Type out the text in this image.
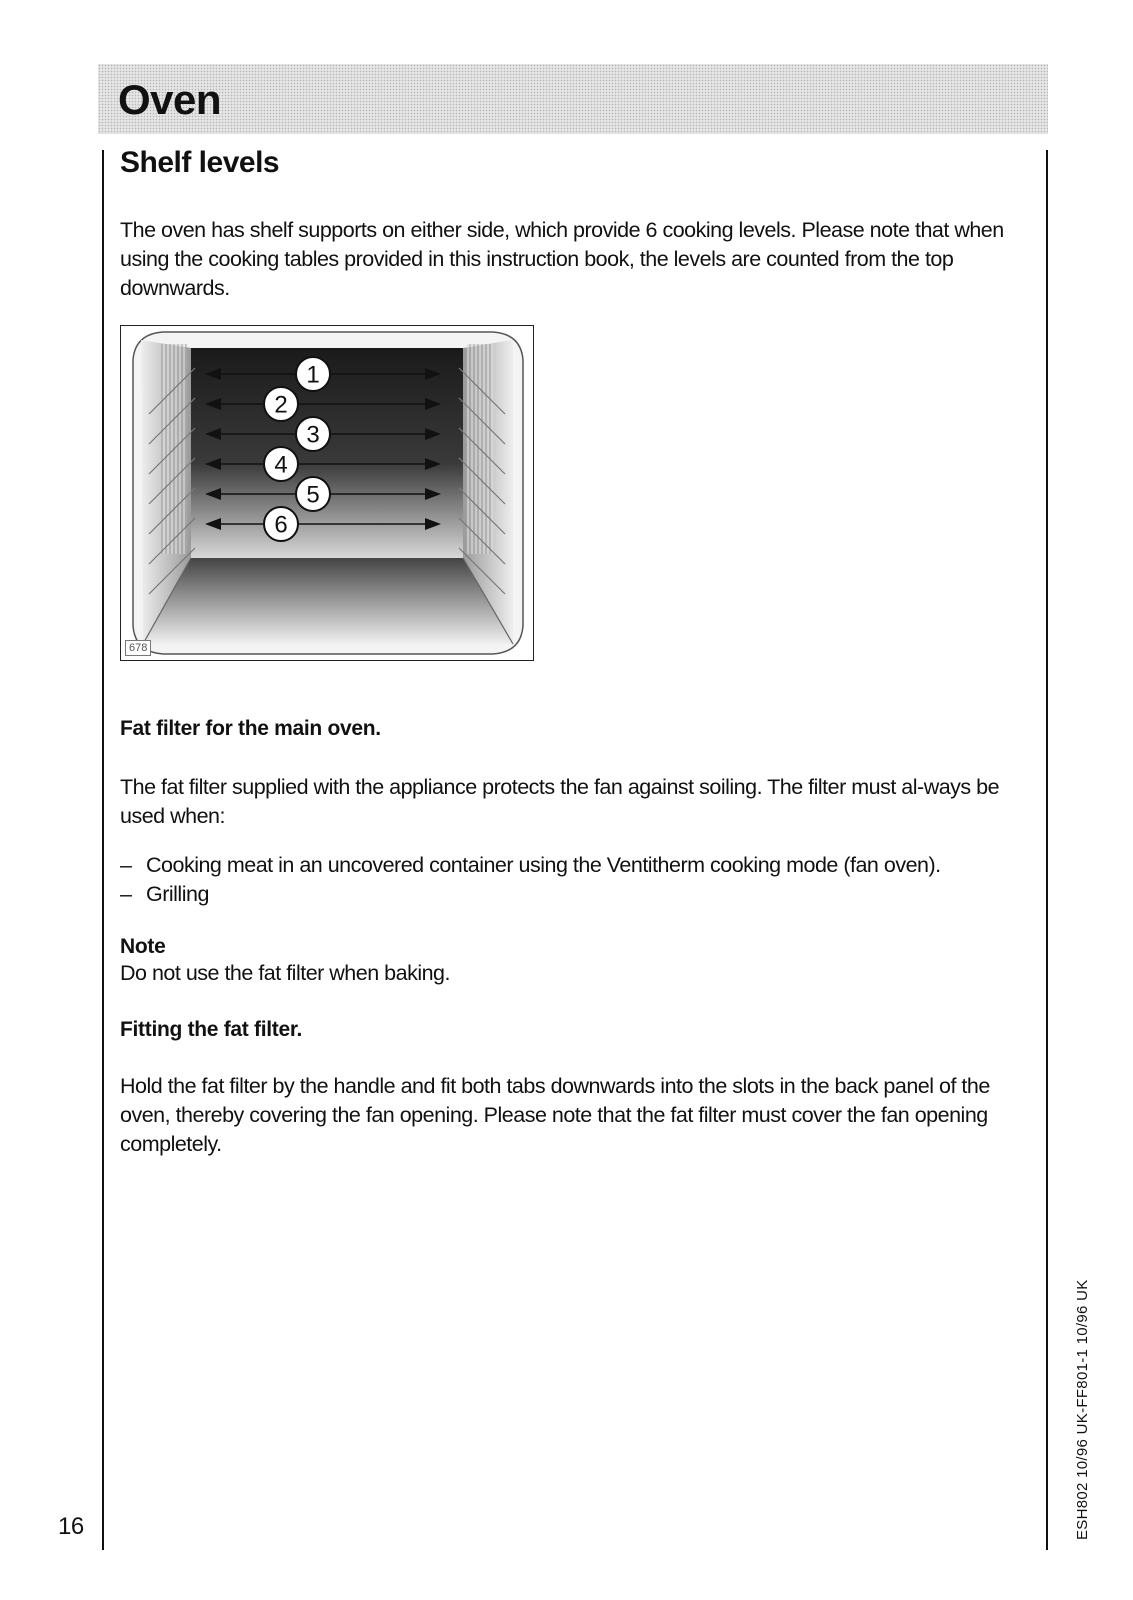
Oven
Shelf levels

The oven has shelf supports on either side, which provide 6 cooking levels. Please note that when using the cooking tables provided in this instruction book, the levels are counted from the top downwards.

1
2
3
4
5
6
678
Fat filter for the main oven.

The fat filter supplied with the appliance protects the fan against soiling. The filter must al-ways be used when:

– Cooking meat in an uncovered container using the Ventitherm cooking mode (fan oven).
– Grilling
Note

Do not use the fat filter when baking.

Fitting the fat filter.

Hold the fat filter by the handle and fit both tabs downwards into the slots in the back panel of the oven, thereby covering the fan opening. Please note that the fat filter must cover the fan opening completely.

16	ESH802 10/96 UK-FF801-1 10/96 UK
